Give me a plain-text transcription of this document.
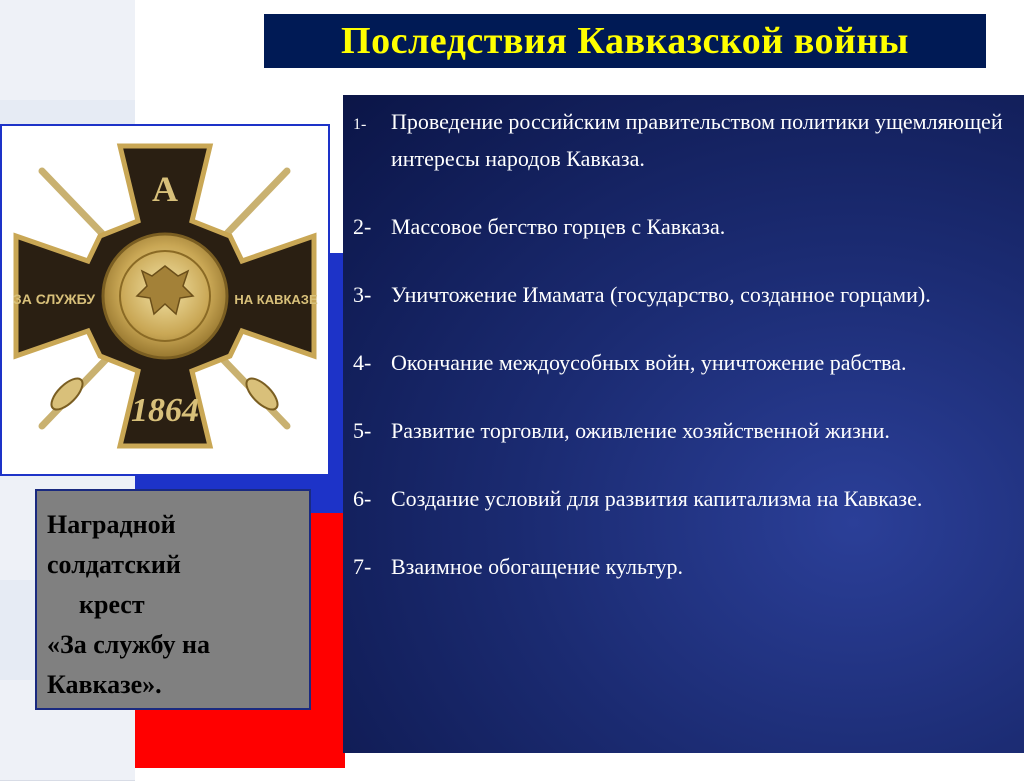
Последствия Кавказской войны
1- Проведение российским правительством политики ущемляющей интересы народов Кавказа.
2- Массовое бегство горцев с Кавказа.
3- Уничтожение Имамата (государство, созданное горцами).
4- Окончание междоусобных войн, уничтожение рабства.
5- Развитие торговли, оживление хозяйственной жизни.
6- Создание условий для развития капитализма на Кавказе.
7- Взаимное обогащение культур.
ЗА СЛУЖБУ	НА КАВКАЗЕ
1864
А
Наградной
солдатский
крест
«За службу на
Кавказе».
